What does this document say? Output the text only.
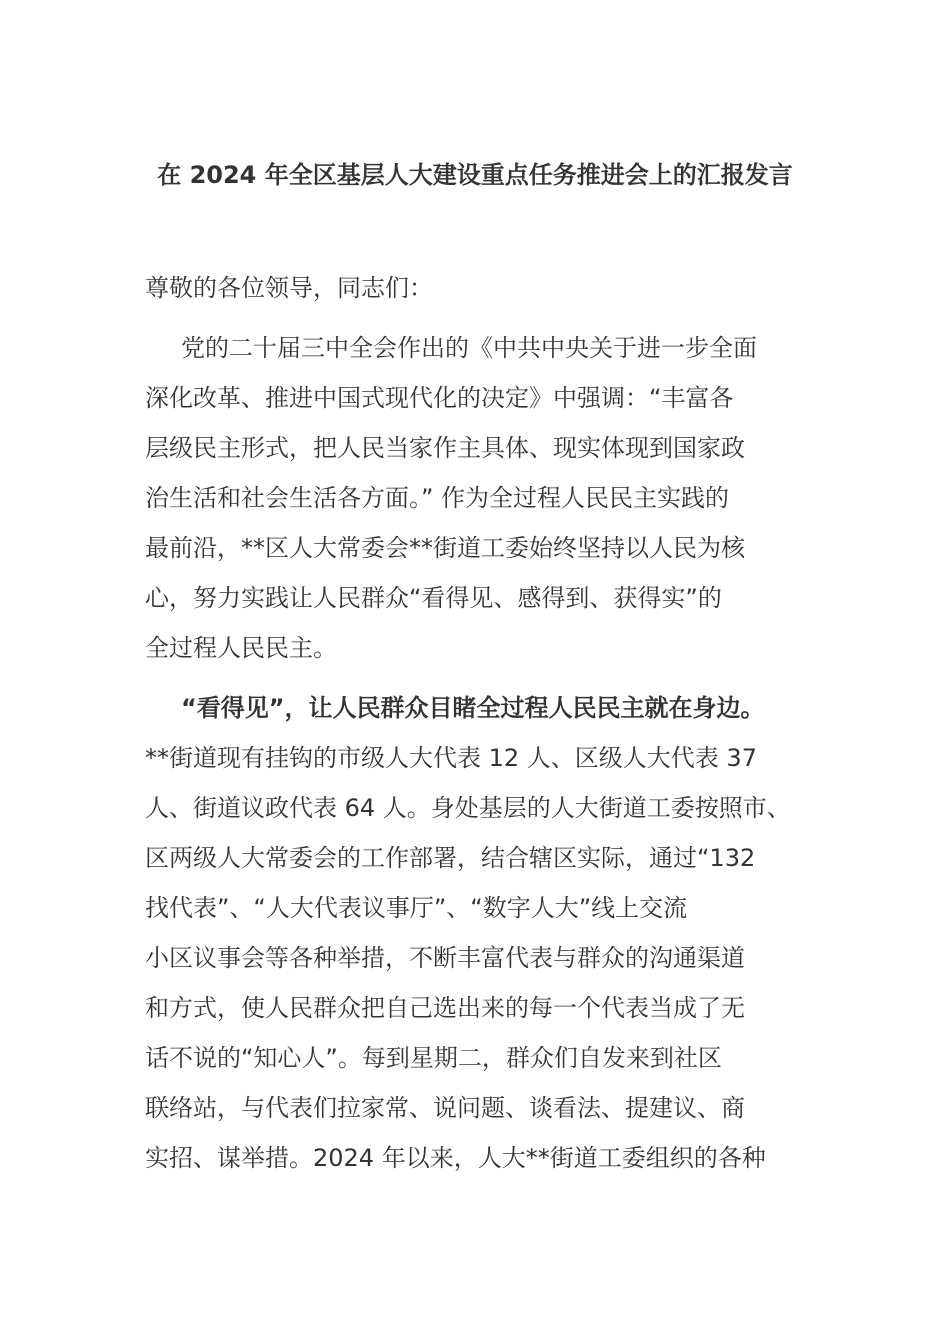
在 2024 年全区基层人大建设重点任务推进会上的汇报发言
尊敬的各位领导，同志们：
党的二十届三中全会作出的《中共中央关于进一步全面
深化改革、推进中国式现代化的决定》中强调：“丰富各
层级民主形式，把人民当家作主具体、现实体现到国家政
治生活和社会生活各方面。” 作为全过程人民民主实践的
最前沿，**区人大常委会**街道工委始终坚持以人民为核
心，努力实践让人民群众“看得见、感得到、获得实”的
全过程人民民主。
“看得见”，让人民群众目睹全过程人民民主就在身边。
**街道现有挂钩的市级人大代表 12 人、区级人大代表 37
人、街道议政代表 64 人。身处基层的人大街道工委按照市、
区两级人大常委会的工作部署，结合辖区实际，通过“132
找代表”、“人大代表议事厅”、“数字人大”线上交流
小区议事会等各种举措，不断丰富代表与群众的沟通渠道
和方式，使人民群众把自己选出来的每一个代表当成了无
话不说的“知心人”。每到星期二，群众们自发来到社区
联络站，与代表们拉家常、说问题、谈看法、提建议、商
实招、谋举措。2024 年以来，人大**街道工委组织的各种
